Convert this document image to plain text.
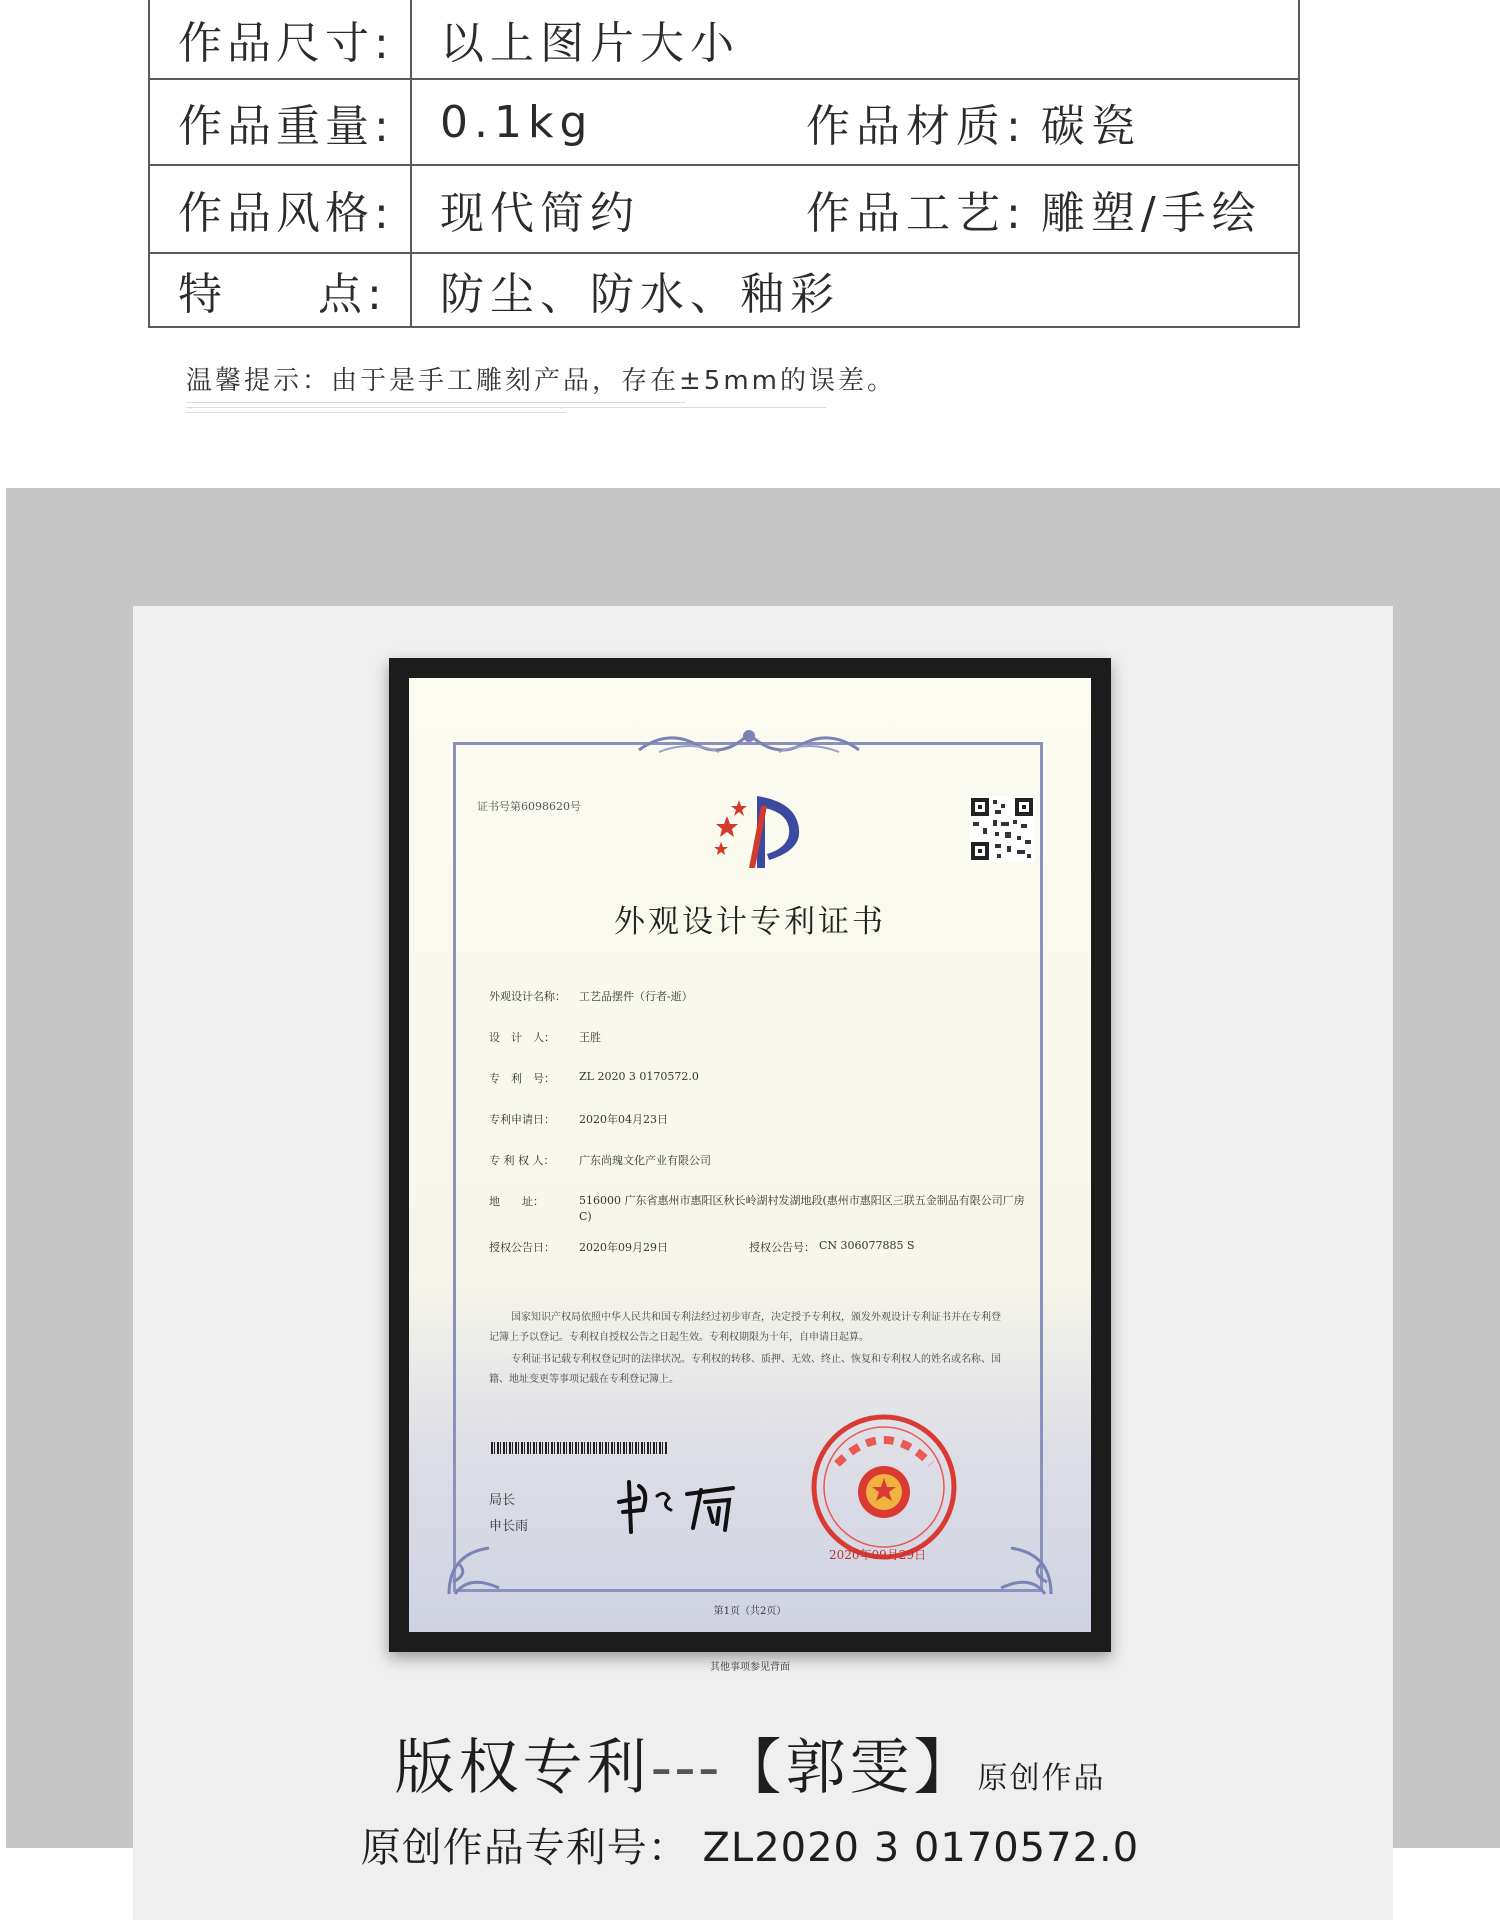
作品尺寸:	以上图片大小
作品重量:	0.1kg 作品材质: 碳瓷

作品风格:	现代简约 作品工艺: 雕塑/手绘

特 点:	防尘、防水、釉彩
温馨提示：由于是手工雕刻产品，存在±5mm的误差。
证书号第6098620号
外观设计专利证书
外观设计名称：	工艺品摆件（行者-逝）
设　计　人：	王胜
专　利　号：	ZL 2020 3 0170572.0
专利申请日：	2020年04月23日
专 利 权 人：	广东尚瑰文化产业有限公司
地　　址：	516000 广东省惠州市惠阳区秋长岭湖村发湖地段(惠州市惠阳区三联五金制品有限公司厂房C)
授权公告日：	2020年09月29日	授权公告号： CN 306077885 S

国家知识产权局依照中华人民共和国专利法经过初步审查，决定授予专利权，颁发外观设计专利证书并在专利登记簿上予以登记。专利权自授权公告之日起生效。专利权期限为十年，自申请日起算。

专利证书记载专利权登记时的法律状况。专利权的转移、质押、无效、终止、恢复和专利权人的姓名或名称、国籍、地址变更等事项记载在专利登记簿上。

局长
申长雨
2020年09月29日
第1页（共2页）
其他事项参见背面
版权专利---【郭雯】原创作品
原创作品专利号： ZL2020 3 0170572.0
